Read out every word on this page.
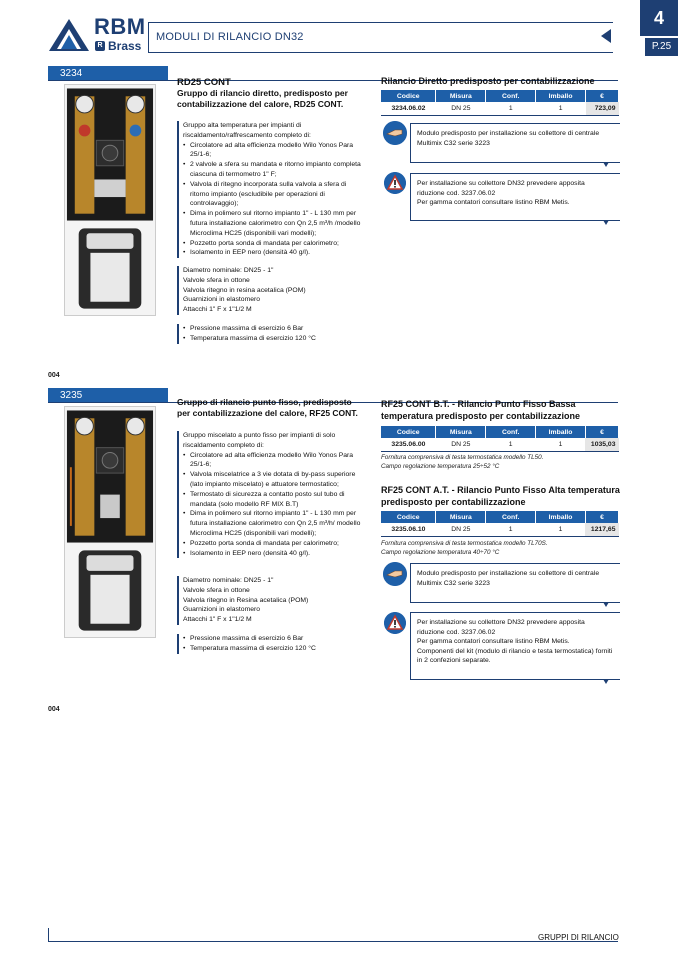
RBM
R Brass
MODULI DI RILANCIO DN32
4
P.25
3234
RD25 CONT
Gruppo di rilancio diretto, predisposto per contabilizzazione del calore, RD25 CONT.
Gruppo alta temperatura per impianti di riscaldamento/raffrescamento completo di:
• Circolatore ad alta efficienza modello Wilo Yonos Para 25/1-6;
• 2 valvole a sfera su mandata e ritorno impianto completa ciascuna di termometro 1" F;
• Valvola di ritegno incorporata sulla valvola a sfera di ritorno impianto (escludibile per operazioni di controlavaggio);
• Dima in polimero sul ritorno impianto 1" - L 130 mm per futura installazione calorimetro con Qn 2,5 m³/h /modello Microclima HC25 (disponibili vari modelli);
• Pozzetto porta sonda di mandata per calorimetro;
• Isolamento in EEP nero (densità 40 g/l).
Diametro nominale: DN25 - 1"
Valvole sfera in ottone
Valvola ritegno in resina acetalica (POM)
Guarnizioni in elastomero
Attacchi 1" F x 1"1/2 M
• Pressione massima di esercizio 6 Bar
• Temperatura massima di esercizio 120 °C
Rilancio Diretto predisposto per contabilizzazione
Codice	Misura	Conf.	Imballo	€
3234.06.02	DN 25	1	1	723,09
Modulo predisposto per installazione su collettore di centrale Multimix C32 serie 3223
Per installazione su collettore DN32 prevedere apposita riduzione cod. 3237.06.02
Per gamma contatori consultare listino RBM Metis.
004
3235
Gruppo di rilancio punto fisso, predisposto per contabilizzazione del calore, RF25 CONT.
Gruppo miscelato a punto fisso per impianti di solo riscaldamento completo di:
• Circolatore ad alta efficienza modello Wilo Yonos Para 25/1-6;
• Valvola miscelatrice a 3 vie dotata di by-pass superiore (lato impianto miscelato) e attuatore termostatico;
• Termostato di sicurezza a contatto posto sul tubo di mandata (solo modello RF MIX B.T)
• Dima in polimero sul ritorno impianto 1" - L 130 mm per futura installazione calorimetro con Qn 2,5 m³/h/ modello Microclima HC25 (disponibili vari modelli);
• Pozzetto porta sonda di mandata per calorimetro;
• Isolamento in EEP nero (densità 40 g/l).
Diametro nominale: DN25 - 1"
Valvole sfera in ottone
Valvola ritegno in Resina acetalica (POM)
Guarnizioni in elastomero
Attacchi 1" F x 1"1/2 M
• Pressione massima di esercizio 6 Bar
• Temperatura massima di esercizio 120 °C
RF25 CONT B.T. - Rilancio Punto Fisso Bassa temperatura predisposto per contabilizzazione
Codice	Misura	Conf.	Imballo	€
3235.06.00	DN 25	1	1	1035,03
Fornitura comprensiva di testa termostatica modello TL50.
Campo regolazione temperatura 25÷52 °C
RF25 CONT A.T. - Rilancio Punto Fisso Alta temperatura predisposto per contabilizzazione
Codice	Misura	Conf.	Imballo	€
3235.06.10	DN 25	1	1	1217,65
Fornitura comprensiva di testa termostatica modello TL70S.
Campo regolazione temperatura 40÷70 °C
Modulo predisposto per installazione su collettore di centrale Multimix C32 serie 3223
Per installazione su collettore DN32 prevedere apposita riduzione cod. 3237.06.02
Per gamma contatori consultare listino RBM Metis.
Componenti del kit (modulo di rilancio e testa termostatica) forniti in 2 confezioni separate.
004
GRUPPI DI RILANCIO
